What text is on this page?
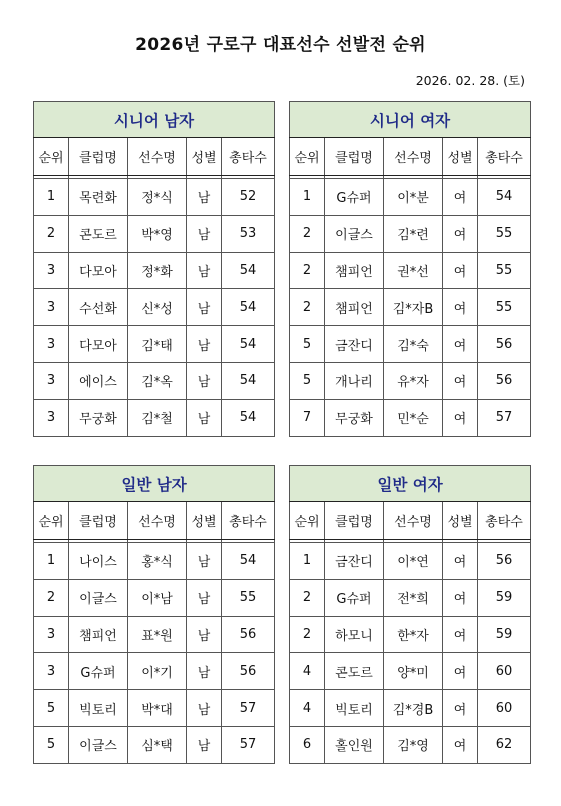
2026년 구로구 대표선수 선발전 순위
2026. 02. 28. (토)
시니어 남자				
순위	클럽명	선수명	성별	총타수

1	목련화	정*식	남	52
2	콘도르	박*영	남	53
3	다모아	정*화	남	54
3	수선화	신*성	남	54
3	다모아	김*태	남	54
3	에이스	김*옥	남	54
3	무궁화	김*철	남	54
시니어 여자				
순위	클럽명	선수명	성별	총타수

1	G슈퍼	이*분	여	54
2	이글스	김*련	여	55
2	챔피언	권*선	여	55
2	챔피언	김*자B	여	55
5	금잔디	김*숙	여	56
5	개나리	유*자	여	56
7	무궁화	민*순	여	57
일반 남자				
순위	클럽명	선수명	성별	총타수

1	나이스	홍*식	남	54
2	이글스	이*남	남	55
3	챔피언	표*원	남	56
3	G슈퍼	이*기	남	56
5	빅토리	박*대	남	57
5	이글스	심*택	남	57
일반 여자				
순위	클럽명	선수명	성별	총타수

1	금잔디	이*연	여	56
2	G슈퍼	전*희	여	59
2	하모니	한*자	여	59
4	콘도르	양*미	여	60
4	빅토리	김*경B	여	60
6	홀인원	김*영	여	62
